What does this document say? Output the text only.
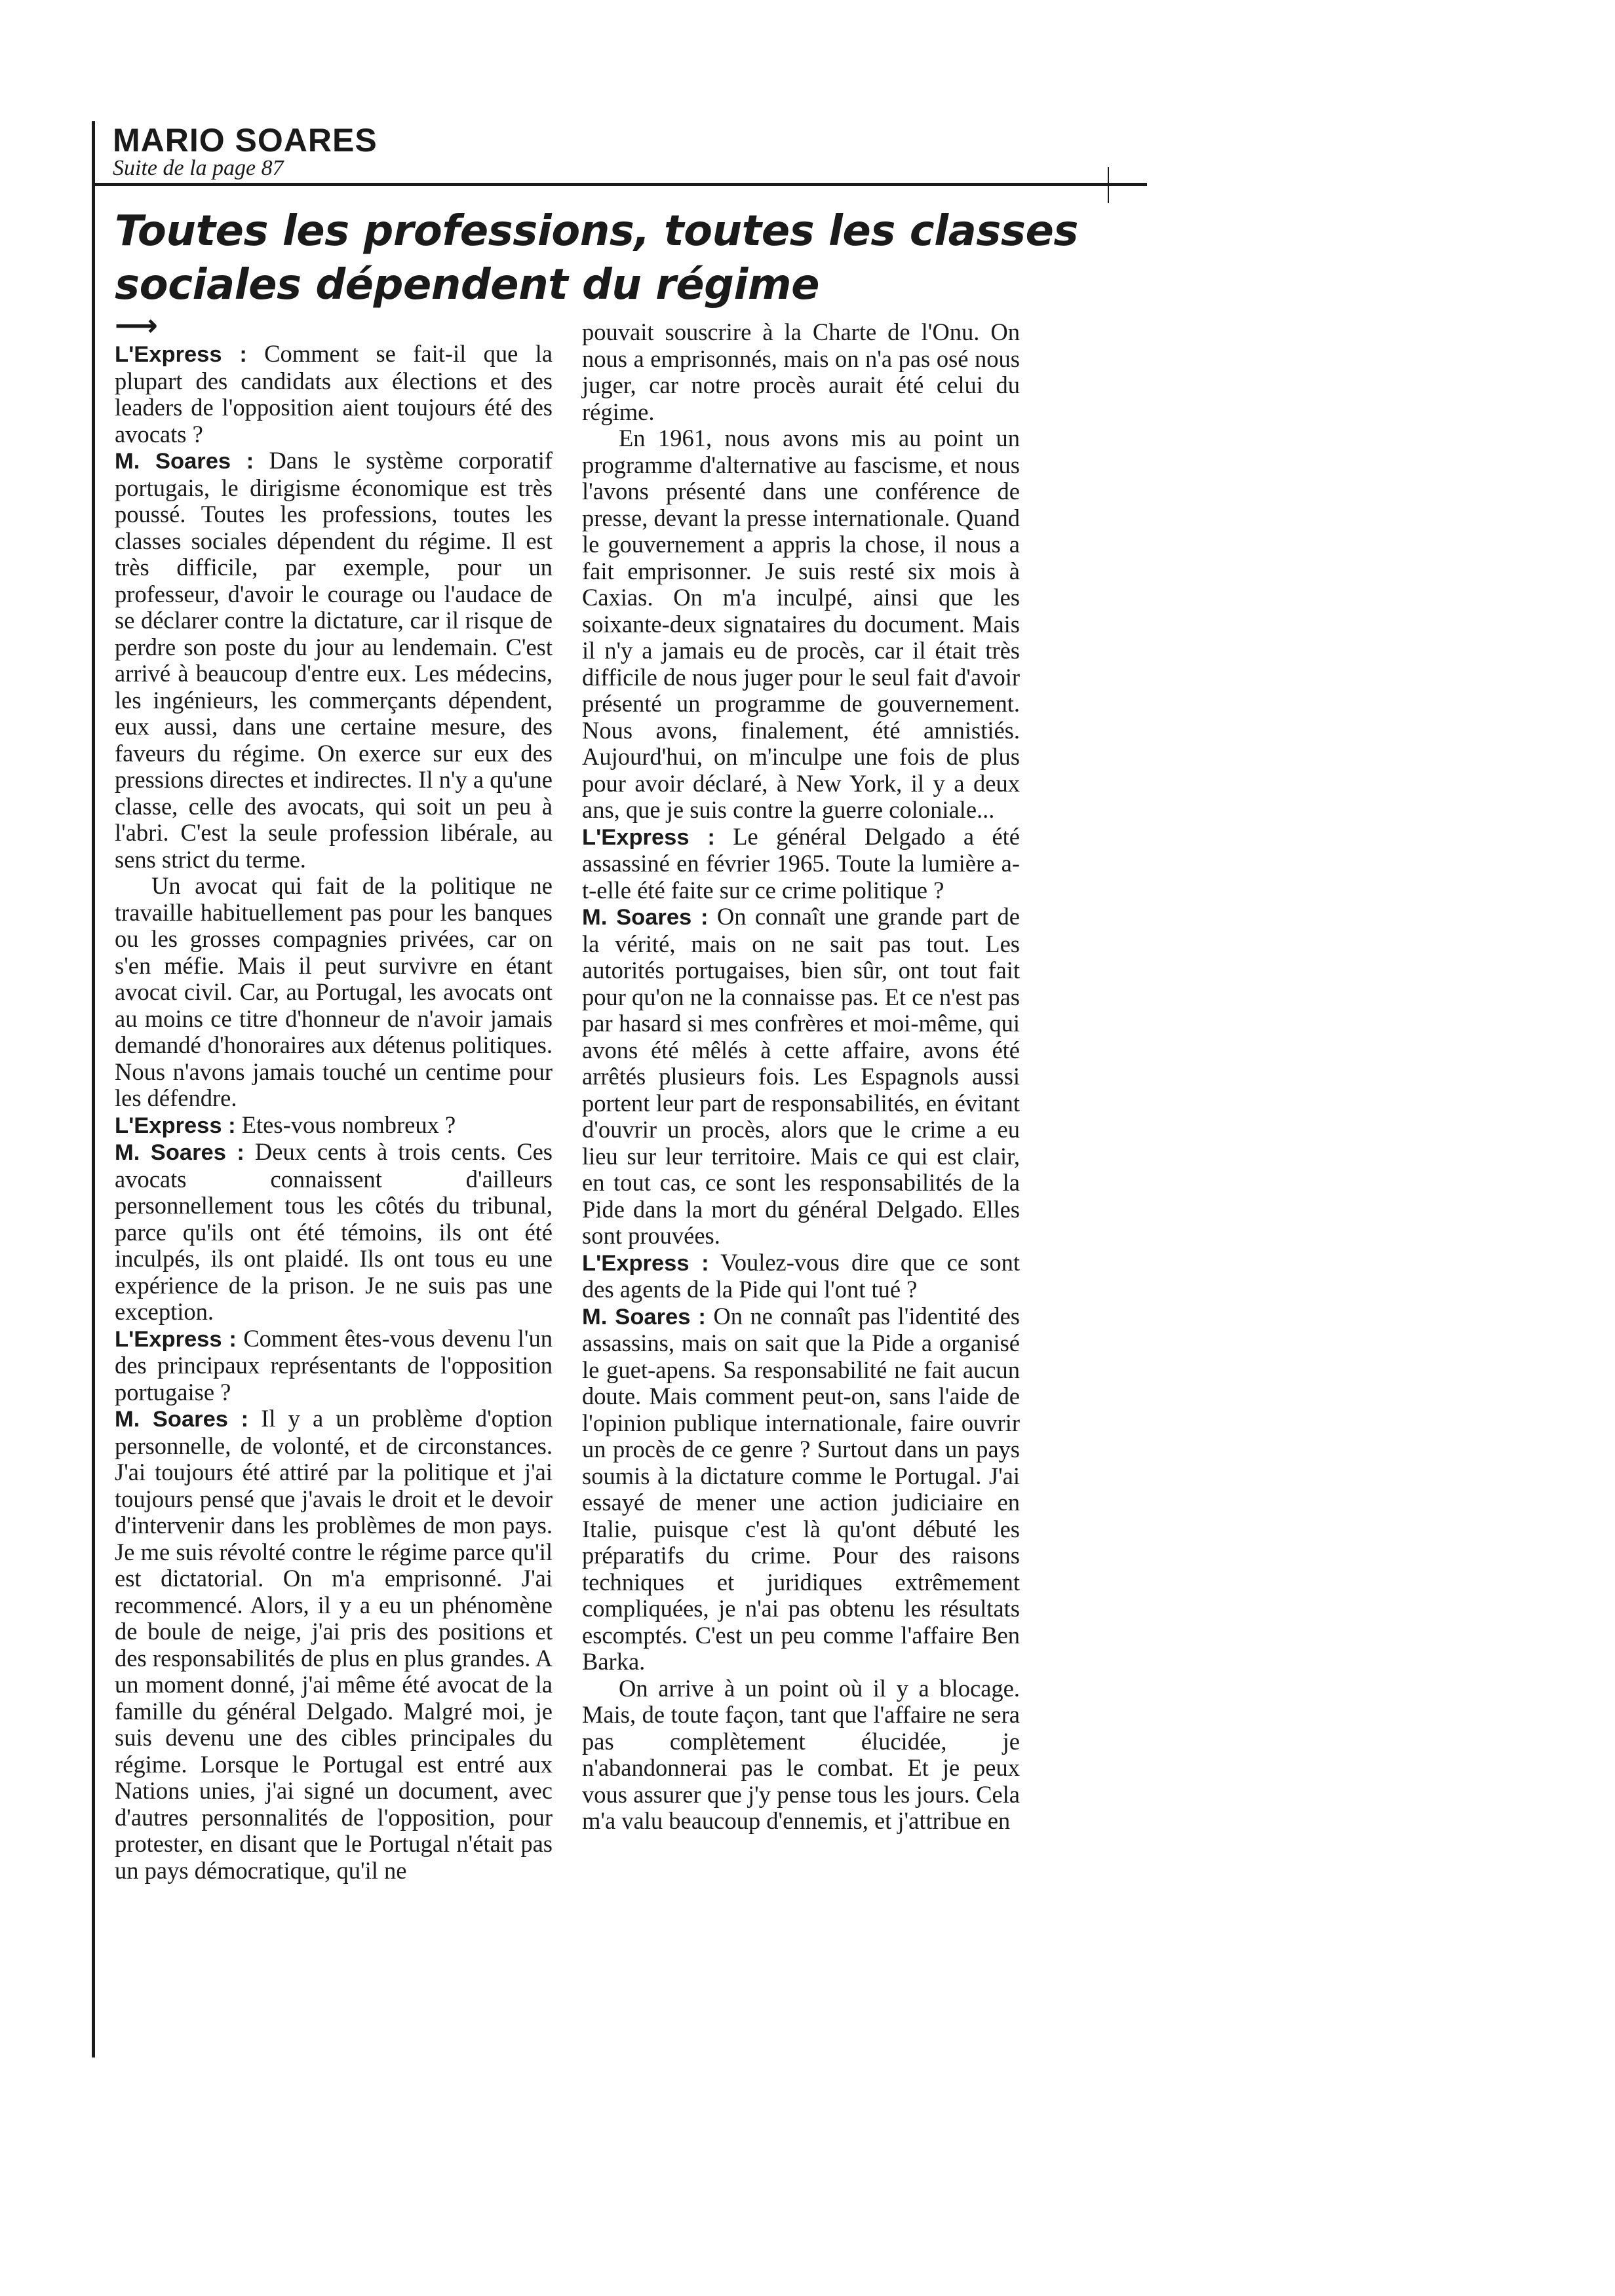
MARIO SOARES
Suite de la page 87
Toutes les professions, toutes les classes
sociales dépendent du régime
⟶

L'Express : Comment se fait-il que la plupart des candidats aux élections et des leaders de l'opposition aient toujours été des avocats ?

M. Soares : Dans le système corporatif portugais, le dirigisme économique est très poussé. Toutes les professions, toutes les classes sociales dépendent du régime. Il est très difficile, par exemple, pour un professeur, d'avoir le courage ou l'audace de se déclarer contre la dictature, car il risque de perdre son poste du jour au lendemain. C'est arrivé à beaucoup d'entre eux. Les médecins, les ingénieurs, les commerçants dépendent, eux aussi, dans une certaine mesure, des faveurs du régime. On exerce sur eux des pressions directes et indirectes. Il n'y a qu'une classe, celle des avocats, qui soit un peu à l'abri. C'est la seule profession libérale, au sens strict du terme.

Un avocat qui fait de la politique ne travaille habituellement pas pour les banques ou les grosses compagnies privées, car on s'en méfie. Mais il peut survivre en étant avocat civil. Car, au Portugal, les avocats ont au moins ce titre d'honneur de n'avoir jamais demandé d'honoraires aux détenus politiques. Nous n'avons jamais touché un centime pour les défendre.

L'Express : Etes-vous nombreux ?

M. Soares : Deux cents à trois cents. Ces avocats connaissent d'ailleurs personnellement tous les côtés du tribunal, parce qu'ils ont été témoins, ils ont été inculpés, ils ont plaidé. Ils ont tous eu une expérience de la prison. Je ne suis pas une exception.

L'Express : Comment êtes-vous devenu l'un des principaux représentants de l'opposition portugaise ?

M. Soares : Il y a un problème d'option personnelle, de volonté, et de circonstances. J'ai toujours été attiré par la politique et j'ai toujours pensé que j'avais le droit et le devoir d'intervenir dans les problèmes de mon pays. Je me suis révolté contre le régime parce qu'il est dictatorial. On m'a emprisonné. J'ai recommencé. Alors, il y a eu un phénomène de boule de neige, j'ai pris des positions et des responsabilités de plus en plus grandes. A un moment donné, j'ai même été avocat de la famille du général Delgado. Malgré moi, je suis devenu une des cibles principales du régime. Lorsque le Portugal est entré aux Nations unies, j'ai signé un document, avec d'autres personnalités de l'opposition, pour protester, en disant que le Portugal n'était pas un pays démocratique, qu'il ne

pouvait souscrire à la Charte de l'Onu. On nous a emprisonnés, mais on n'a pas osé nous juger, car notre procès aurait été celui du régime.

En 1961, nous avons mis au point un programme d'alternative au fascisme, et nous l'avons présenté dans une conférence de presse, devant la presse internationale. Quand le gouvernement a appris la chose, il nous a fait emprisonner. Je suis resté six mois à Caxias. On m'a inculpé, ainsi que les soixante-deux signataires du document. Mais il n'y a jamais eu de procès, car il était très difficile de nous juger pour le seul fait d'avoir présenté un programme de gouvernement. Nous avons, finalement, été amnistiés. Aujourd'hui, on m'inculpe une fois de plus pour avoir déclaré, à New York, il y a deux ans, que je suis contre la guerre coloniale...

L'Express : Le général Delgado a été assassiné en février 1965. Toute la lumière a-t-elle été faite sur ce crime politique ?

M. Soares : On connaît une grande part de la vérité, mais on ne sait pas tout. Les autorités portugaises, bien sûr, ont tout fait pour qu'on ne la connaisse pas. Et ce n'est pas par hasard si mes confrères et moi-même, qui avons été mêlés à cette affaire, avons été arrêtés plusieurs fois. Les Espagnols aussi portent leur part de responsabilités, en évitant d'ouvrir un procès, alors que le crime a eu lieu sur leur territoire. Mais ce qui est clair, en tout cas, ce sont les responsabilités de la Pide dans la mort du général Delgado. Elles sont prouvées.

L'Express : Voulez-vous dire que ce sont des agents de la Pide qui l'ont tué ?

M. Soares : On ne connaît pas l'identité des assassins, mais on sait que la Pide a organisé le guet-apens. Sa responsabilité ne fait aucun doute. Mais comment peut-on, sans l'aide de l'opinion publique internationale, faire ouvrir un procès de ce genre ? Surtout dans un pays soumis à la dictature comme le Portugal. J'ai essayé de mener une action judiciaire en Italie, puisque c'est là qu'ont débuté les préparatifs du crime. Pour des raisons techniques et juridiques extrêmement compliquées, je n'ai pas obtenu les résultats escomptés. C'est un peu comme l'affaire Ben Barka.

On arrive à un point où il y a blocage. Mais, de toute façon, tant que l'affaire ne sera pas complètement élucidée, je n'abandonnerai pas le combat. Et je peux vous assurer que j'y pense tous les jours. Cela m'a valu beaucoup d'ennemis, et j'attribue en
